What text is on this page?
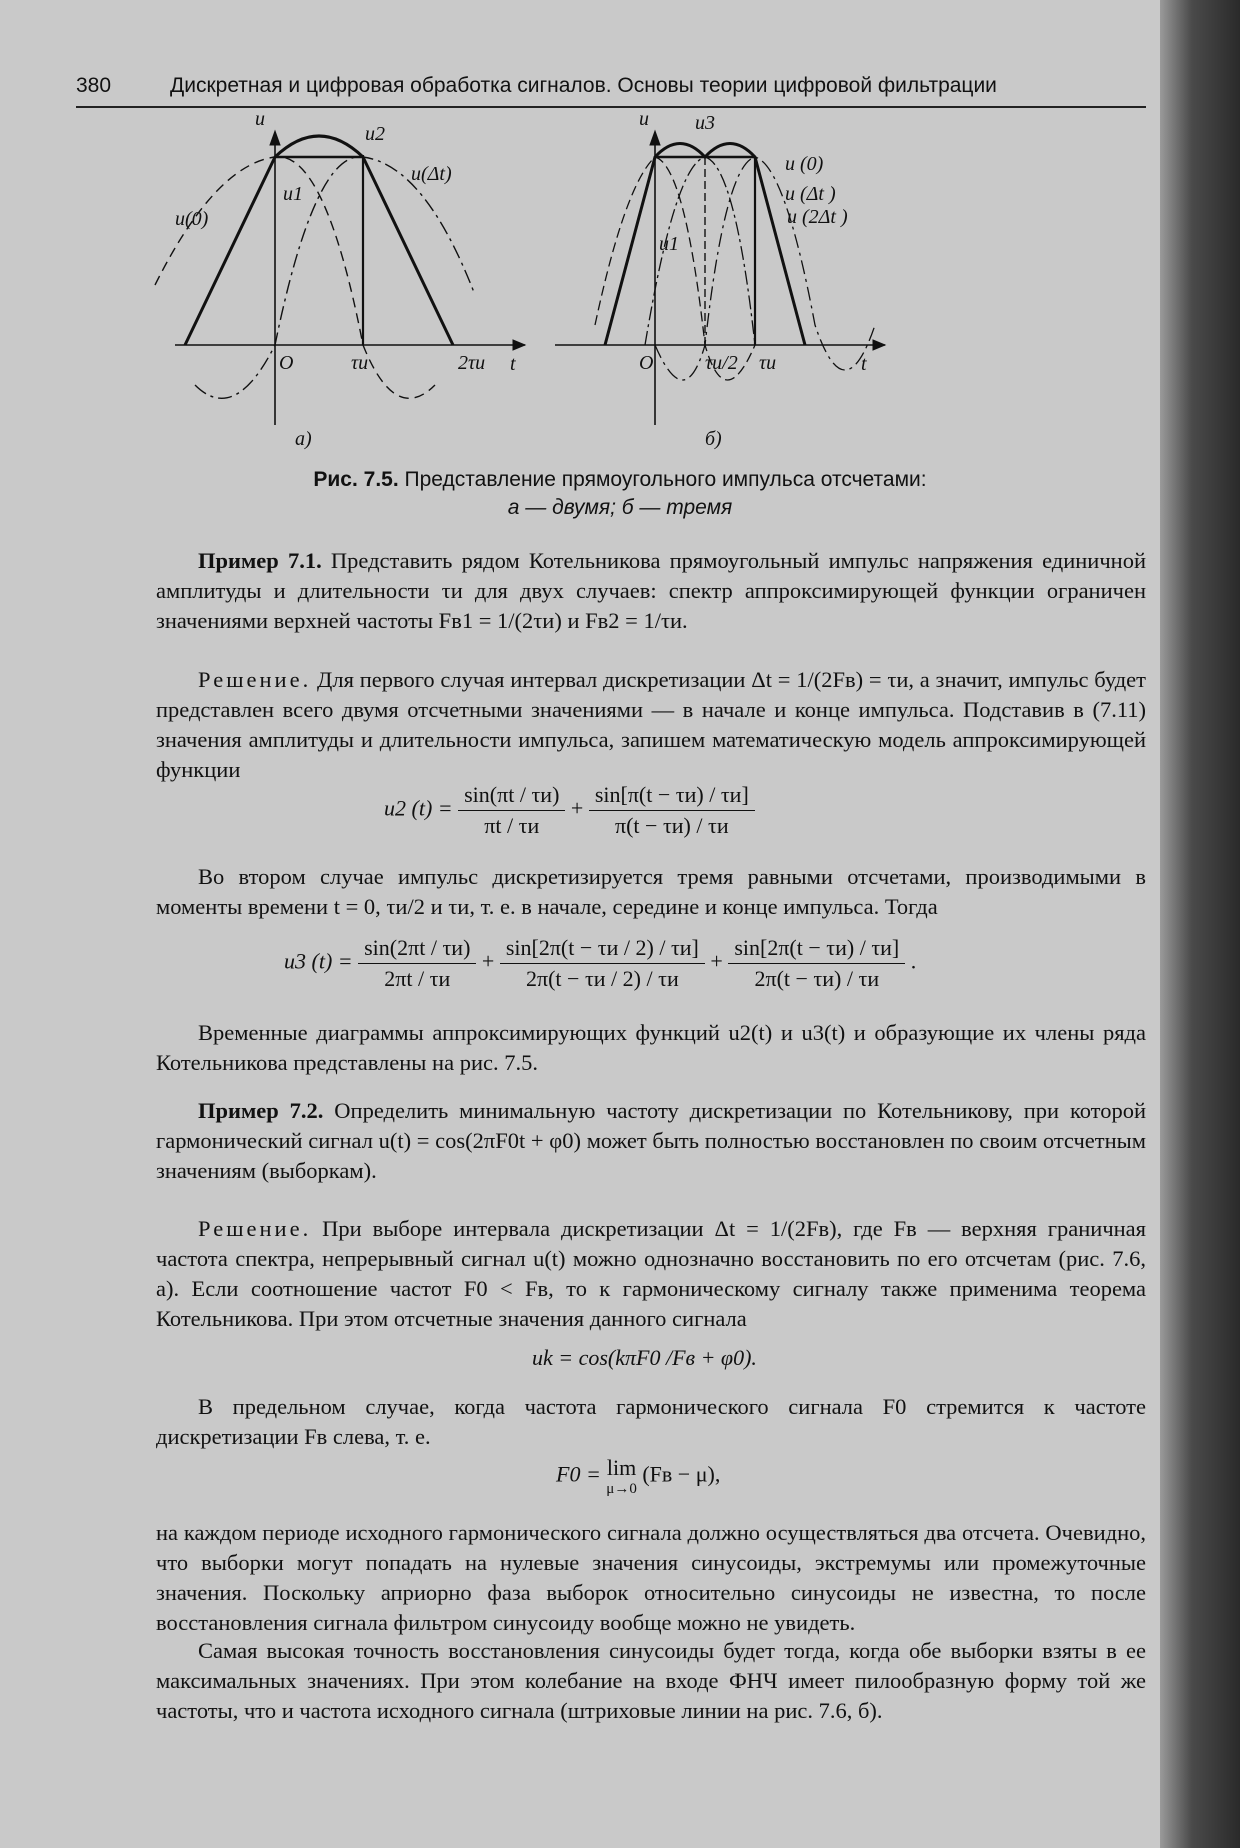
380	Дискретная и цифровая обработка сигналов. Основы теории цифровой фильтрации
u
t
O	τи	2τи
u2
u1
u(0)
u(Δt)
а)
u
t
O	τи/2 τи
u3
u1
u (0)
u (Δt )
u (2Δt )
б)
Рис. 7.5. Представление прямоугольного импульса отсчетами:
а — двумя; б — тремя
Пример 7.1. Представить рядом Котельникова прямоугольный импульс напряжения единичной амплитуды и длительности τи для двух случаев: спектр аппроксимирующей функции ограничен значениями верхней частоты Fв1 = 1/(2τи) и Fв2 = 1/τи.
Решение. Для первого случая интервал дискретизации Δt = 1/(2Fв) = τи, а значит, импульс будет представлен всего двумя отсчетными значениями — в начале и конце импульса. Подставив в (7.11) значения амплитуды и длительности импульса, запишем математическую модель аппроксимирующей функции
u2 $(t) = \frac{\sin(\pi t / \tau и)}{\pi t / \tau и} + \frac{\sin[\pi(t - \tau и) / \tau и]}{\pi(t - \tau и) / \tau и}$
Во втором случае импульс дискретизируется тремя равными отсчетами, производимыми в моменты времени t = 0, τи/2 и τи, т. е. в начале, середине и конце импульса. Тогда
u3 $(t) = \frac{\sin(2\pi t / \tau и)}{2\pi t / \tau и} + \frac{\sin[2\pi(t - \tau и / 2) / \tau и]}{2\pi(t - \tau и / 2) / \tau и} + \frac{\sin[2\pi(t - \tau и) / \tau и]}{2\pi(t - \tau и) / \tau и}$ .
Временные диаграммы аппроксимирующих функций u2(t) и u3(t) и образующие их члены ряда Котельникова представлены на рис. 7.5.
Пример 7.2. Определить минимальную частоту дискретизации по Котельникову, при которой гармонический сигнал u(t) = cos(2πF0t + φ0) может быть полностью восстановлен по своим отсчетным значениям (выборкам).
Решение. При выборе интервала дискретизации Δt = 1/(2Fв), где Fв — верхняя граничная частота спектра, непрерывный сигнал u(t) можно однозначно восстановить по его отсчетам (рис. 7.6, а). Если соотношение частот F0 < Fв, то к гармоническому сигналу также применима теорема Котельникова. При этом отсчетные значения данного сигнала
uk = cos(kπF0 /Fв + φ0).
В предельном случае, когда частота гармонического сигнала F0 стремится к частоте дискретизации Fв слева, т. е.
F0 = lim
μ→0
(Fв − μ),
на каждом периоде исходного гармонического сигнала должно осуществляться два отсчета. Очевидно, что выборки могут попадать на нулевые значения синусоиды, экстремумы или промежуточные значения. Поскольку априорно фаза выборок относительно синусоиды не известна, то после восстановления сигнала фильтром синусоиду вообще можно не увидеть.
Самая высокая точность восстановления синусоиды будет тогда, когда обе выборки взяты в ее максимальных значениях. При этом колебание на входе ФНЧ имеет пилообразную форму той же частоты, что и частота исходного сигнала (штриховые линии на рис. 7.6, б).
